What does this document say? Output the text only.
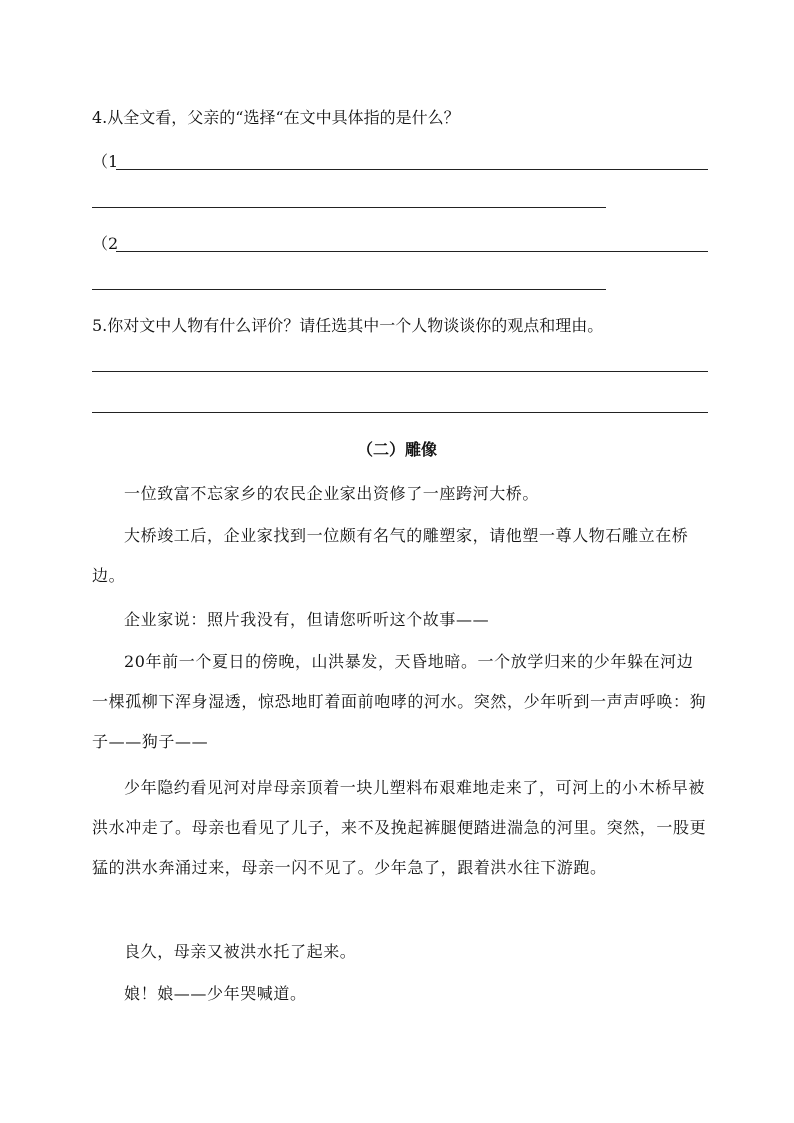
4.从全文看，父亲的“选择“在文中具体指的是什么？
（1
（2
5.你对文中人物有什么评价？请任选其中一个人物谈谈你的观点和理由。
（二）雕像
一位致富不忘家乡的农民企业家出资修了一座跨河大桥。
大桥竣工后，企业家找到一位颇有名气的雕塑家，请他塑一尊人物石雕立在桥边。
企业家说：照片我没有，但请您听听这个故事——
20年前一个夏日的傍晚，山洪暴发，天昏地暗。一个放学归来的少年躲在河边一棵孤柳下浑身湿透，惊恐地盯着面前咆哮的河水。突然，少年听到一声声呼唤：狗子——狗子——
少年隐约看见河对岸母亲顶着一块儿塑料布艰难地走来了，可河上的小木桥早被洪水冲走了。母亲也看见了儿子，来不及挽起裤腿便踏进湍急的河里。突然，一股更猛的洪水奔涌过来，母亲一闪不见了。少年急了，跟着洪水往下游跑。
良久，母亲又被洪水托了起来。
娘！娘——少年哭喊道。
